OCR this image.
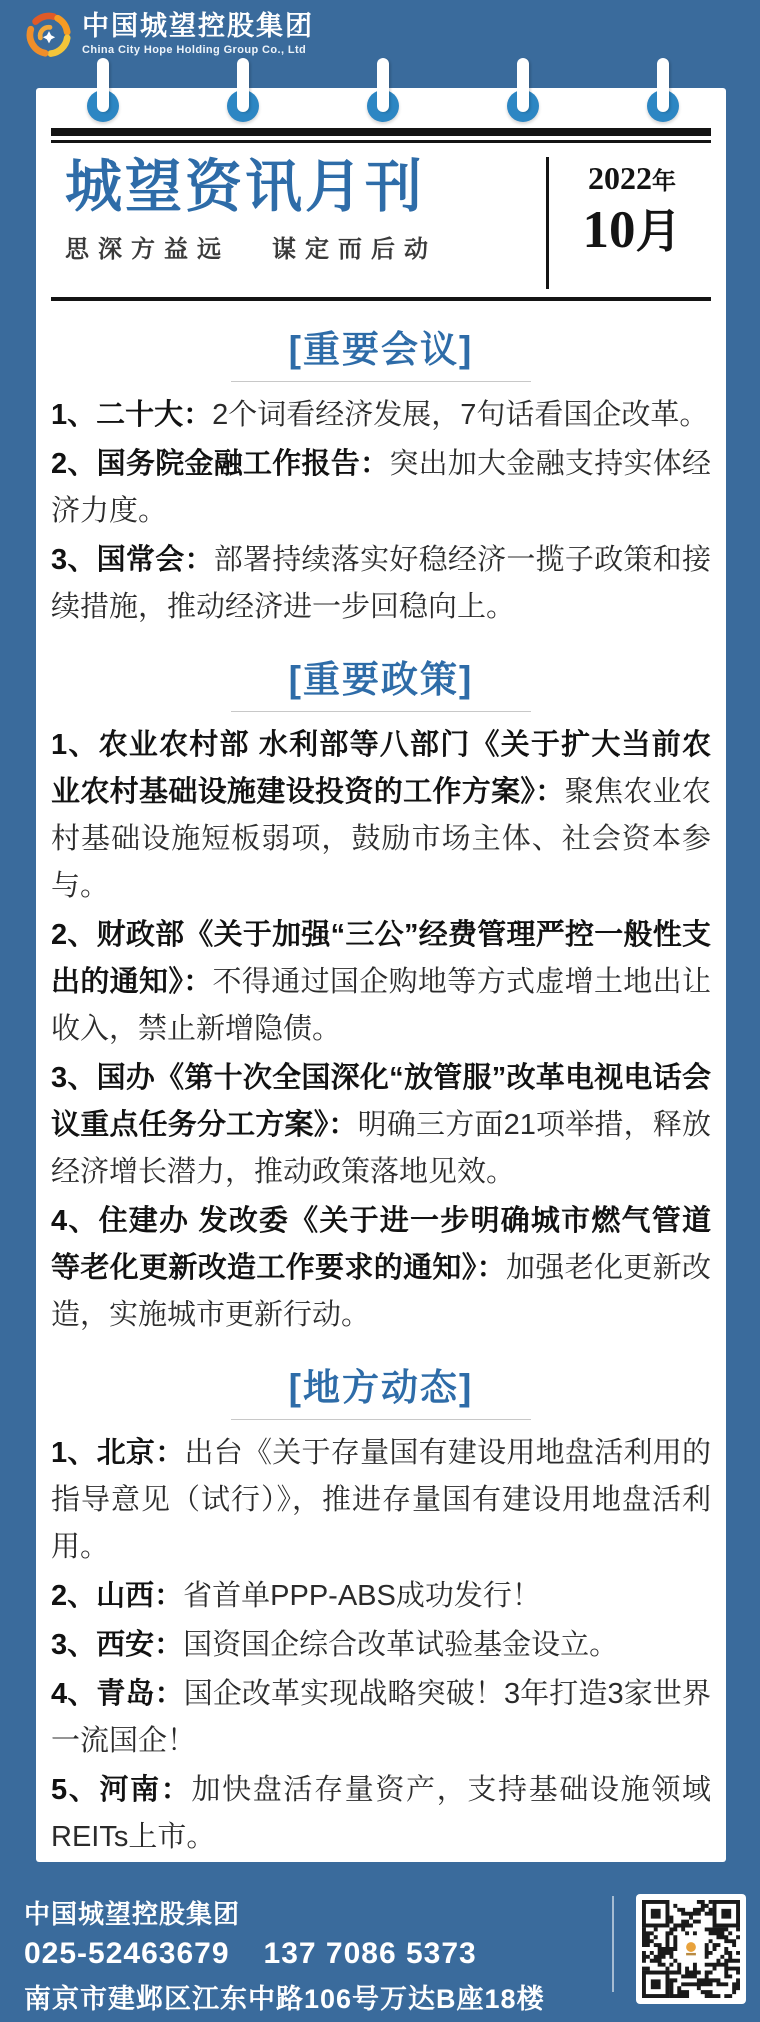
中国城望控股集团
China City Hope Holding Group Co., Ltd
城望资讯月刊
思深方益远 谋定而后动
2022年
10月
[重要会议]

1、二十大：2个词看经济发展，7句话看国企改革。

2、国务院金融工作报告：突出加大金融支持实体经济力度。

3、国常会：部署持续落实好稳经济一揽子政策和接续措施，推动经济进一步回稳向上。

[重要政策]

1、农业农村部 水利部等八部门《关于扩大当前农业农村基础设施建设投资的工作方案》：聚焦农业农村基础设施短板弱项，鼓励市场主体、社会资本参与。

2、财政部《关于加强“三公”经费管理严控一般性支出的通知》：不得通过国企购地等方式虚增土地出让收入，禁止新增隐债。

3、国办《第十次全国深化“放管服”改革电视电话会议重点任务分工方案》：明确三方面21项举措，释放经济增长潜力，推动政策落地见效。

4、住建办 发改委《关于进一步明确城市燃气管道等老化更新改造工作要求的通知》：加强老化更新改造，实施城市更新行动。

[地方动态]

1、北京：出台《关于存量国有建设用地盘活利用的指导意见（试行）》，推进存量国有建设用地盘活利用。

2、山西：省首单PPP-ABS成功发行！

3、西安：国资国企综合改革试验基金设立。

4、青岛：国企改革实现战略突破！3年打造3家世界一流国企！

5、河南：加快盘活存量资产，支持基础设施领域REITs上市。

中国城望控股集团
025-52463679 137 7086 5373
南京市建邺区江东中路106号万达B座18楼
